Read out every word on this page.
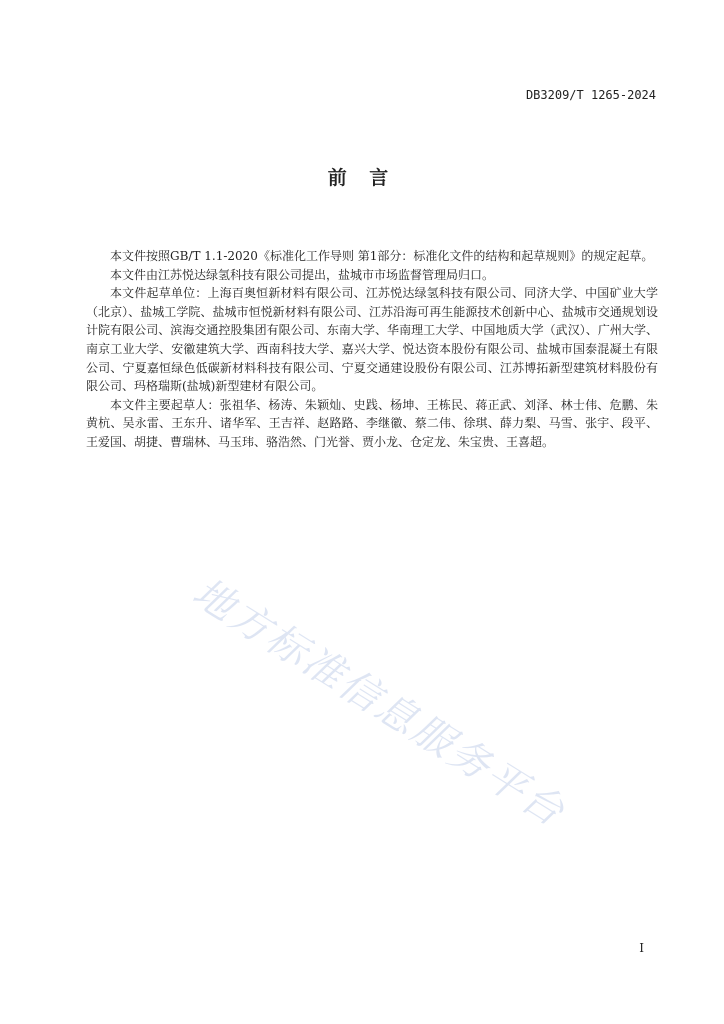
DB3209/T 1265-2024
前 言

本文件按照GB/T 1.1-2020《标准化工作导则 第1部分：标准化文件的结构和起草规则》的规定起草。

本文件由江苏悦达绿氢科技有限公司提出，盐城市市场监督管理局归口。

本文件起草单位：上海百奥恒新材料有限公司、江苏悦达绿氢科技有限公司、同济大学、中国矿业大学（北京）、盐城工学院、盐城市恒悦新材料有限公司、江苏沿海可再生能源技术创新中心、盐城市交通规划设计院有限公司、滨海交通控股集团有限公司、东南大学、华南理工大学、中国地质大学（武汉）、广州大学、南京工业大学、安徽建筑大学、西南科技大学、嘉兴大学、悦达资本股份有限公司、盐城市国泰混凝土有限公司、宁夏嘉恒绿色低碳新材料科技有限公司、宁夏交通建设股份有限公司、江苏博拓新型建筑材料股份有限公司、玛格瑞斯(盐城)新型建材有限公司。

本文件主要起草人：张祖华、杨涛、朱颖灿、史践、杨坤、王栋民、蒋正武、刘泽、林士伟、危鹏、朱黄杭、吴永雷、王东升、诸华军、王吉祥、赵路路、李继徽、蔡二伟、徐琪、薛力梨、马雪、张宇、段平、王爱国、胡捷、曹瑞林、马玉玮、骆浩然、门光誉、贾小龙、仓定龙、朱宝贵、王喜超。

地方标准信息服务平台
I
